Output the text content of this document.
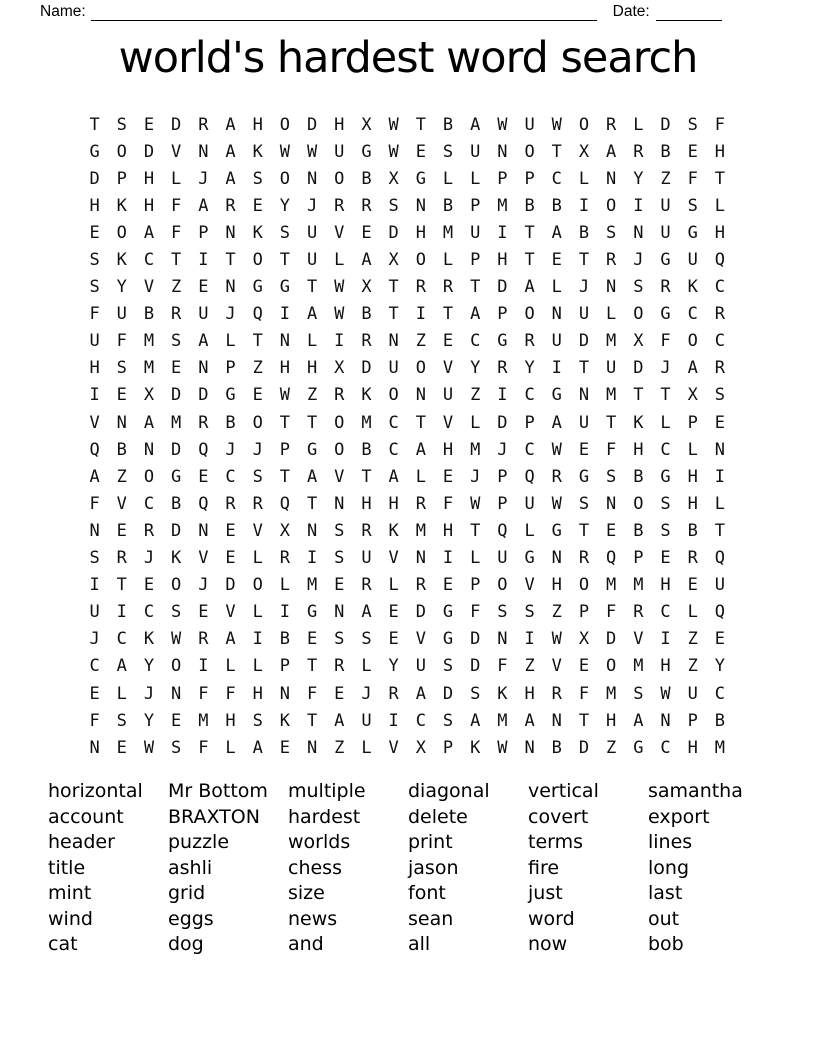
Name:	Date:
world's hardest word search
T S E D R A H O D H X W T B A W U W O R L D S F
G O D V N A K W W U G W E S U N O T X A R B E H
D P H L J A S O N O B X G L L P P C L N Y Z F T
H K H F A R E Y J R R S N B P M B B I O I U S L
E O A F P N K S U V E D H M U I T A B S N U G H
S K C T I T O T U L A X O L P H T E T R J G U Q
S Y V Z E N G G T W X T R R T D A L J N S R K C
F U B R U J Q I A W B T I T A P O N U L O G C R
U F M S A L T N L I R N Z E C G R U D M X F O C
H S M E N P Z H H X D U O V Y R Y I T U D J A R
I E X D D G E W Z R K O N U Z I C G N M T T X S
V N A M R B O T T O M C T V L D P A U T K L P E
Q B N D Q J J P G O B C A H M J C W E F H C L N
A Z O G E C S T A V T A L E J P Q R G S B G H I
F V C B Q R R Q T N H H R F W P U W S N O S H L
N E R D N E V X N S R K M H T Q L G T E B S B T
S R J K V E L R I S U V N I L U G N R Q P E R Q
I T E O J D O L M E R L R E P O V H O M M H E U
U I C S E V L I G N A E D G F S S Z P F R C L Q
J C K W R A I B E S S E V G D N I W X D V I Z E
C A Y O I L L P T R L Y U S D F Z V E O M H Z Y
E L J N F F H N F E J R A D S K H R F M S W U C
F S Y E M H S K T A U I C S A M A N T H A N P B
N E W S F L A E N Z L V X P K W N B D Z G C H M
horizontal
account
header
title
mint
wind
cat
Mr Bottom
BRAXTON
puzzle
ashli
grid
eggs
dog
multiple
hardest
worlds
chess
size
news
and
diagonal
delete
print
jason
font
sean
all
vertical
covert
terms
fire
just
word
now
samantha
export
lines
long
last
out
bob
